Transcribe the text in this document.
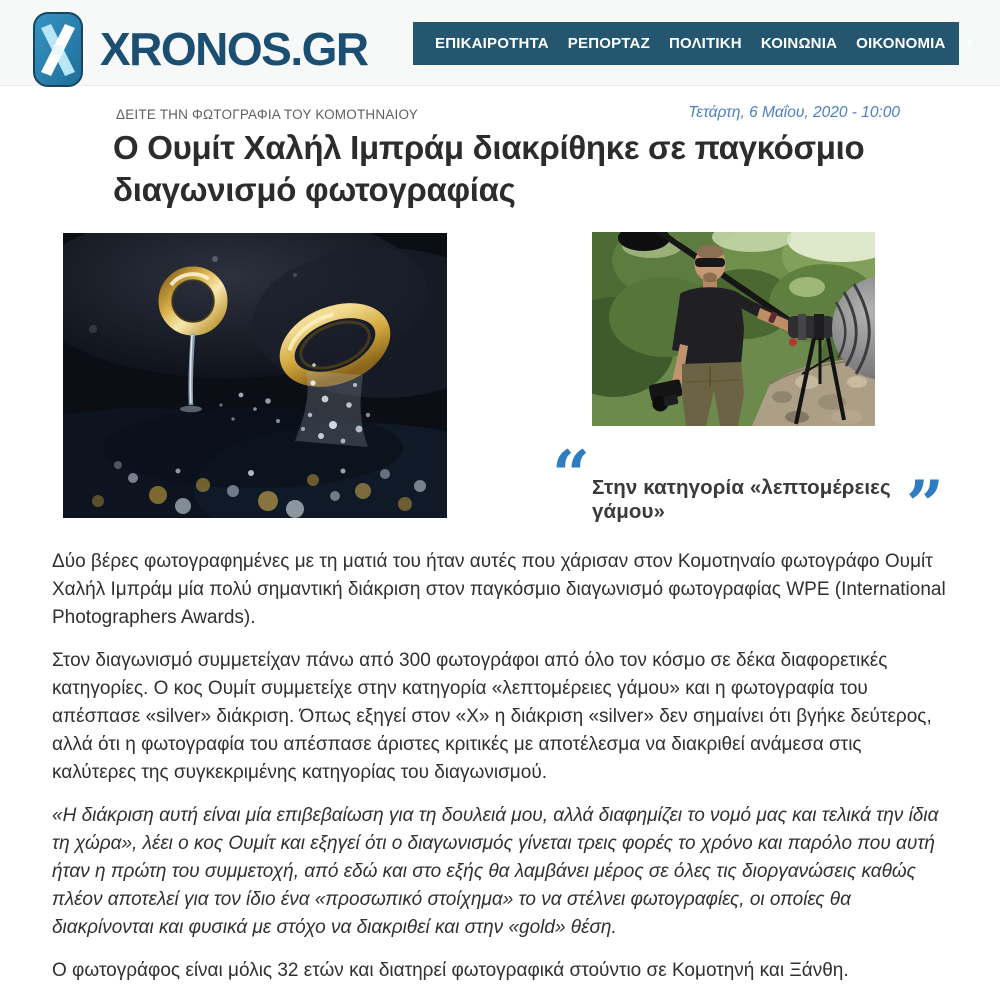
XRONOS.GR	ΕΠΙΚΑΙΡΟΤΗΤΑ ΡΕΠΟΡΤΑΖ ΠΟΛΙΤΙΚΗ ΚΟΙΝΩΝΙΑ ΟΙΚΟΝΟΜΙΑ ▼
ΔΕΙΤΕ ΤΗΝ ΦΩΤΟΓΡΑΦΙΑ ΤΟΥ ΚΟΜΟΤΗΝΑΙΟΥ	Τετάρτη, 6 Μαΐου, 2020 - 10:00
Ο Ουμίτ Χαλήλ Ιμπράμ διακρίθηκε σε παγκόσμιο διαγωνισμό φωτογραφίας
“ Στην κατηγορία «λεπτομέρειες γάμου»	”

Δύο βέρες φωτογραφημένες με τη ματιά του ήταν αυτές που χάρισαν στον Κομοτηναίο φωτογράφο Ουμίτ Χαλήλ Ιμπράμ μία πολύ σημαντική διάκριση στον παγκόσμιο διαγωνισμό φωτογραφίας WPE (International Photographers Awards).

Στον διαγωνισμό συμμετείχαν πάνω από 300 φωτογράφοι από όλο τον κόσμο σε δέκα διαφορετικές κατηγορίες. Ο κος Ουμίτ συμμετείχε στην κατηγορία «λεπτομέρειες γάμου» και η φωτογραφία του απέσπασε «silver» διάκριση. Όπως εξηγεί στον «Χ» η διάκριση «silver» δεν σημαίνει ότι βγήκε δεύτερος, αλλά ότι η φωτογραφία του απέσπασε άριστες κριτικές με αποτέλεσμα να διακριθεί ανάμεσα στις καλύτερες της συγκεκριμένης κατηγορίας του διαγωνισμού.

«Η διάκριση αυτή είναι μία επιβεβαίωση για τη δουλειά μου, αλλά διαφημίζει το νομό μας και τελικά την ίδια τη χώρα», λέει ο κος Ουμίτ και εξηγεί ότι ο διαγωνισμός γίνεται τρεις φορές το χρόνο και παρόλο που αυτή ήταν η πρώτη του συμμετοχή, από εδώ και στο εξής θα λαμβάνει μέρος σε όλες τις διοργανώσεις καθώς πλέον αποτελεί για τον ίδιο ένα «προσωπικό στοίχημα» το να στέλνει φωτογραφίες, οι οποίες θα διακρίνονται και φυσικά με στόχο να διακριθεί και στην «gold» θέση.

Ο φωτογράφος είναι μόλις 32 ετών και διατηρεί φωτογραφικά στούντιο σε Κομοτηνή και Ξάνθη.
